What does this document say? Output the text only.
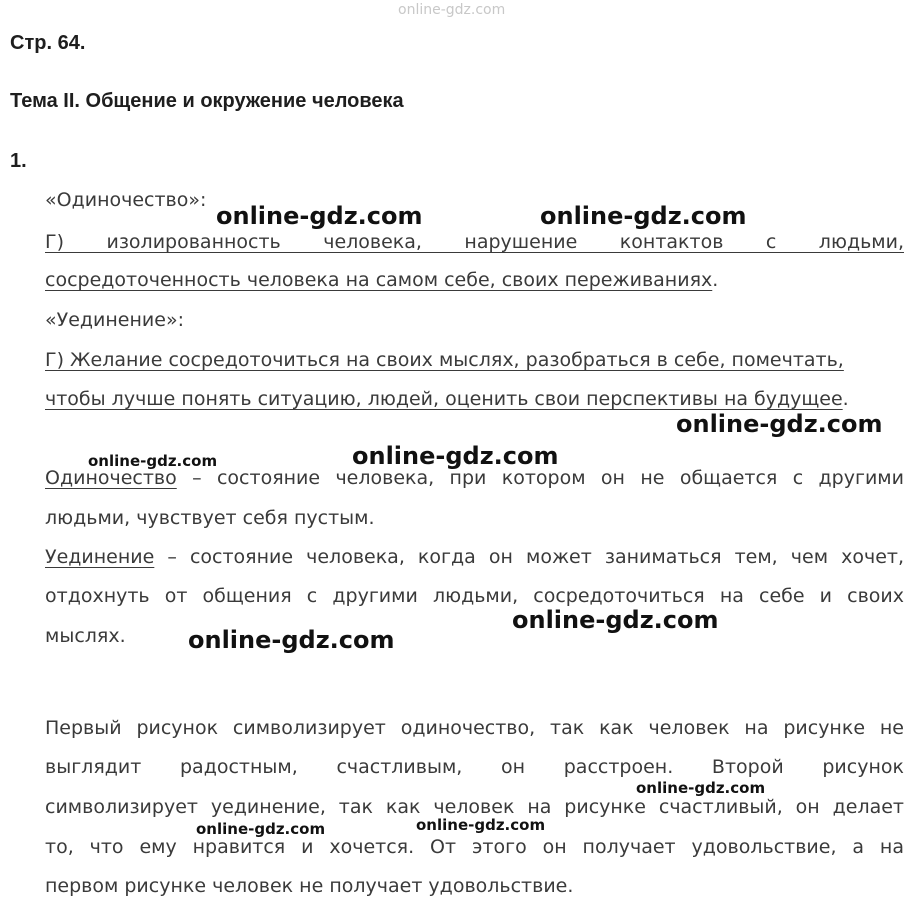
online-gdz.com
Стр. 64.
Тема II. Общение и окружение человека
1.
«Одиночество»:
Г) изолированность человека, нарушение контактов с людьми,
сосредоточенность человека на самом себе, своих переживаниях.
«Уединение»:
Г) Желание сосредоточиться на своих мыслях, разобраться в себе, помечтать,
чтобы лучше понять ситуацию, людей, оценить свои перспективы на будущее.
Одиночество – состояние человека, при котором он не общается с другими
людьми, чувствует себя пустым.
Уединение – состояние человека, когда он может заниматься тем, чем хочет,
отдохнуть от общения с другими людьми, сосредоточиться на себе и своих
мыслях.
Первый рисунок символизирует одиночество, так как человек на рисунке не
выглядит радостным, счастливым, он расстроен. Второй рисунок
символизирует уединение, так как человек на рисунке счастливый, он делает
то, что ему нравится и хочется. От этого он получает удовольствие, а на
первом рисунке человек не получает удовольствие.
online-gdz.com	online-gdz.com
online-gdz.com
online-gdz.com	online-gdz.com
online-gdz.com
online-gdz.com
online-gdz.com	online-gdz.com
online-gdz.com
